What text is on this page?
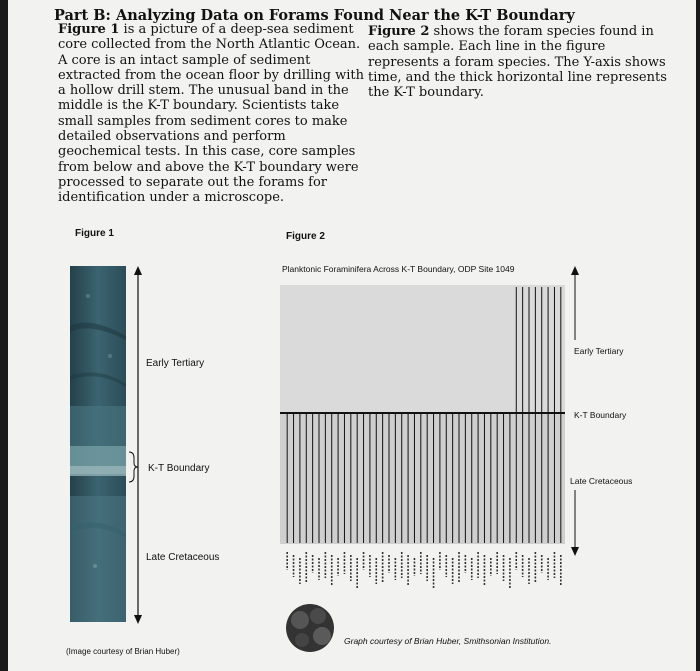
Part B: Analyzing Data on Forams Found Near the K-T Boundary
Figure 1 is a picture of a deep-sea sediment core collected from the North Atlantic Ocean. A core is an intact sample of sediment extracted from the ocean floor by drilling with a hollow drill stem. The unusual band in the middle is the K-T boundary. Scientists take small samples from sediment cores to make detailed observations and perform geochemical tests. In this case, core samples from below and above the K-T boundary were processed to separate out the forams for identification under a microscope.
Figure 2 shows the foram species found in each sample. Each line in the figure represents a foram species. The Y-axis shows time, and the thick horizontal line represents the K-T boundary.
Figure 1	Figure 2
Early Tertiary
K-T Boundary
Late Cretaceous
(Image courtesy of Brian Huber)
Planktonic Foraminifera Across K-T Boundary, ODP Site 1049
Early Tertiary
K-T Boundary
Late Cretaceous
Graph courtesy of Brian Huber, Smithsonian Institution.
